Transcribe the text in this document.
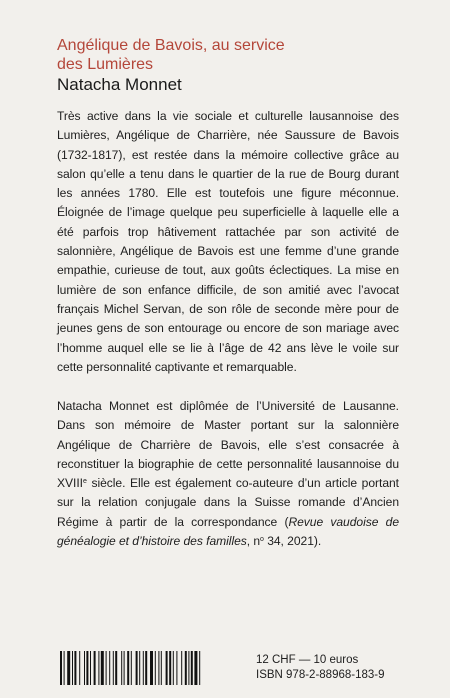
Angélique de Bavois, au service
des Lumières
Natacha Monnet

Très active dans la vie sociale et culturelle lausannoise des Lumières, Angélique de Charrière, née Saussure de Bavois (1732-1817), est restée dans la mémoire collective grâce au salon qu’elle a tenu dans le quartier de la rue de Bourg durant les années 1780. Elle est toutefois une figure méconnue. Éloignée de l’image quelque peu superficielle à laquelle elle a été parfois trop hâtivement rattachée par son activité de salonnière, Angélique de Bavois est une femme d’une grande empathie, curieuse de tout, aux goûts éclectiques. La mise en lumière de son enfance difficile, de son amitié avec l’avocat français Michel Servan, de son rôle de seconde mère pour de jeunes gens de son entourage ou encore de son mariage avec l’homme auquel elle se lie à l’âge de 42 ans lève le voile sur cette personnalité captivante et remarquable.

Natacha Monnet est diplômée de l’Université de Lausanne. Dans son mémoire de Master portant sur la salonnière Angélique de Charrière de Bavois, elle s’est consacrée à reconstituer la biographie de cette personnalité lausannoise du XVIIIe siècle. Elle est également co-auteure d’un article portant sur la relation conjugale dans la Suisse romande d’Ancien Régime à partir de la correspondance (Revue vaudoise de généalogie et d’histoire des familles, $n^o$ 34, 2021).

12 CHF — 10 euros
ISBN 978-2-88968-183-9
